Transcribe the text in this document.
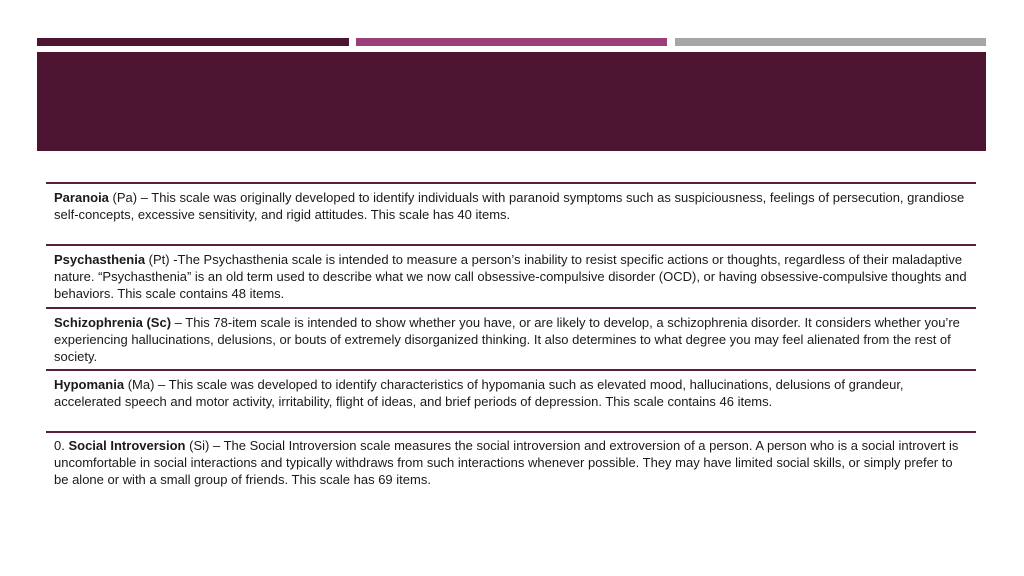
Paranoia (Pa) – This scale was originally developed to identify individuals with paranoid symptoms such as suspiciousness, feelings of persecution, grandiose self-concepts, excessive sensitivity, and rigid attitudes. This scale has 40 items.
Psychasthenia (Pt) -The Psychasthenia scale is intended to measure a person’s inability to resist specific actions or thoughts, regardless of their maladaptive nature. “Psychasthenia” is an old term used to describe what we now call obsessive-compulsive disorder (OCD), or having obsessive-compulsive thoughts and behaviors. This scale contains 48 items.
Schizophrenia (Sc) – This 78-item scale is intended to show whether you have, or are likely to develop, a schizophrenia disorder. It considers whether you’re experiencing hallucinations, delusions, or bouts of extremely disorganized thinking. It also determines to what degree you may feel alienated from the rest of society.
Hypomania (Ma) – This scale was developed to identify characteristics of hypomania such as elevated mood, hallucinations, delusions of grandeur, accelerated speech and motor activity, irritability, flight of ideas, and brief periods of depression. This scale contains 46 items.
0. Social Introversion (Si) – The Social Introversion scale measures the social introversion and extroversion of a person. A person who is a social introvert is uncomfortable in social interactions and typically withdraws from such interactions whenever possible. They may have limited social skills, or simply prefer to be alone or with a small group of friends. This scale has 69 items.
